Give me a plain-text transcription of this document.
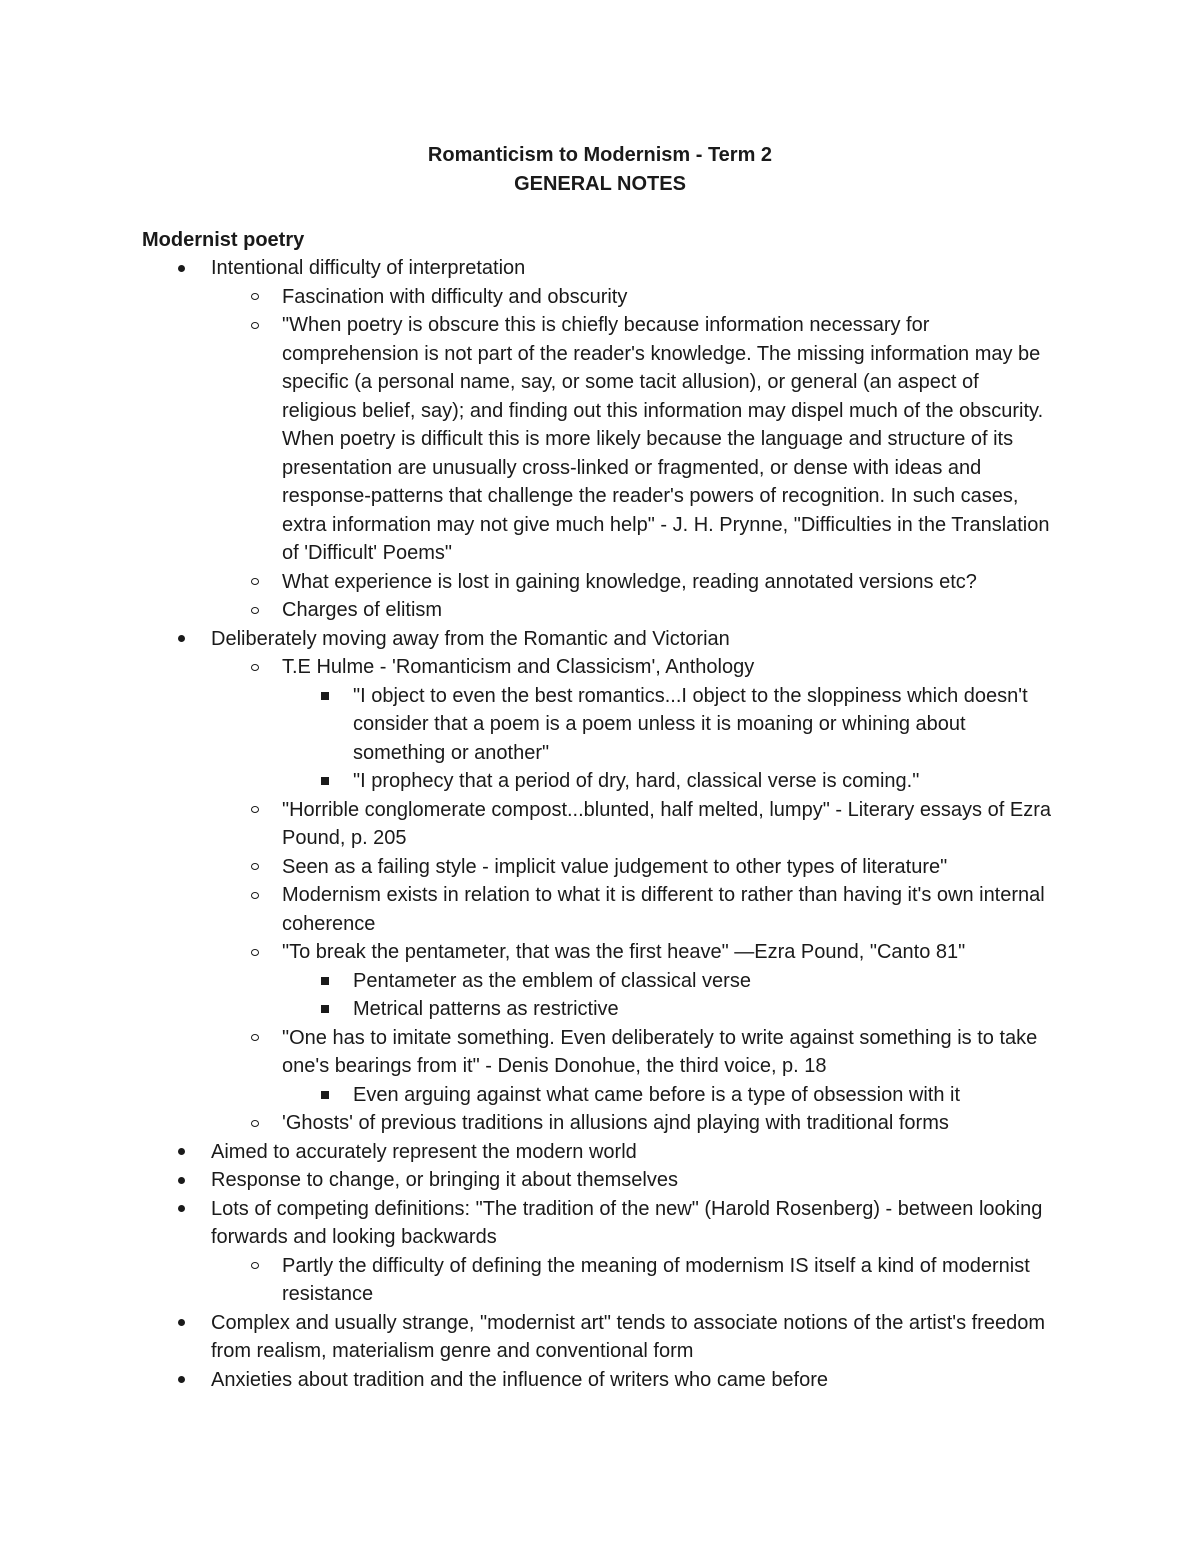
Romanticism to Modernism - Term 2
GENERAL NOTES
Modernist poetry
Intentional difficulty of interpretation
Fascination with difficulty and obscurity
"When poetry is obscure this is chiefly because information necessary for comprehension is not part of the reader's knowledge. The missing information may be specific (a personal name, say, or some tacit allusion), or general (an aspect of religious belief, say); and finding out this information may dispel much of the obscurity. When poetry is difficult this is more likely because the language and structure of its presentation are unusually cross-linked or fragmented, or dense with ideas and response-patterns that challenge the reader's powers of recognition. In such cases, extra information may not give much help" - J. H. Prynne, "Difficulties in the Translation of 'Difficult' Poems"
What experience is lost in gaining knowledge, reading annotated versions etc?
Charges of elitism
Deliberately moving away from the Romantic and Victorian
T.E Hulme - 'Romanticism and Classicism', Anthology
"I object to even the best romantics...I object to the sloppiness which doesn't consider that a poem is a poem unless it is moaning or whining about something or another"
"I prophecy that a period of dry, hard, classical verse is coming."
"Horrible conglomerate compost...blunted, half melted, lumpy" - Literary essays of Ezra Pound, p. 205
Seen as a failing style - implicit value judgement to other types of literature"
Modernism exists in relation to what it is different to rather than having it's own internal coherence
"To break the pentameter, that was the first heave" —Ezra Pound, "Canto 81"
Pentameter as the emblem of classical verse
Metrical patterns as restrictive
"One has to imitate something. Even deliberately to write against something is to take one's bearings from it" - Denis Donohue, the third voice, p. 18
Even arguing against what came before is a type of obsession with it
'Ghosts' of previous traditions in allusions ajnd playing with traditional forms
Aimed to accurately represent the modern world
Response to change, or bringing it about themselves
Lots of competing definitions: "The tradition of the new" (Harold Rosenberg) - between looking forwards and looking backwards
Partly the difficulty of defining the meaning of modernism IS itself a kind of modernist resistance
Complex and usually strange, "modernist art" tends to associate notions of the artist's freedom from realism, materialism genre and conventional form
Anxieties about tradition and the influence of writers who came before
